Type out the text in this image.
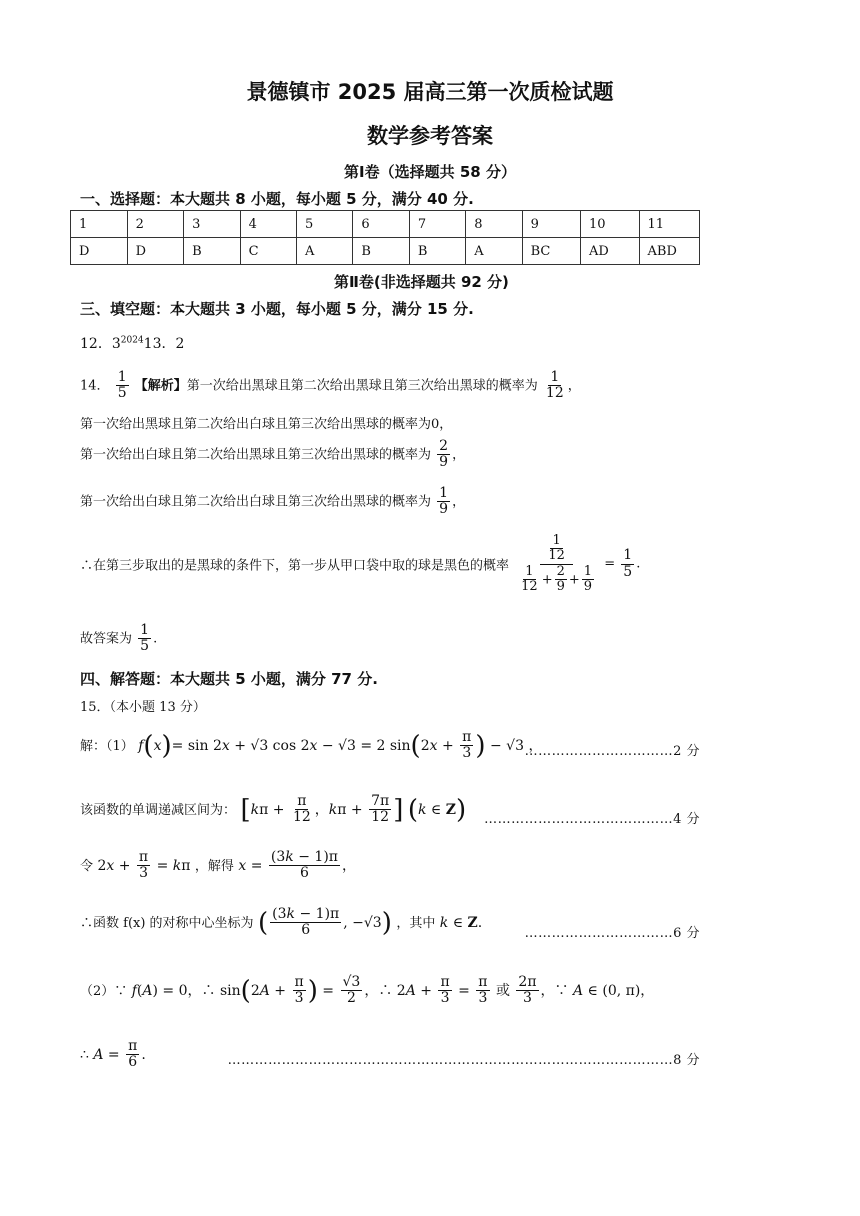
景德镇市 2025 届高三第一次质检试题
数学参考答案
第Ⅰ卷（选择题共 58 分）
一、选择题：本大题共 8 小题，每小题 5 分，满分 40 分.
1	2	3	4	5	6	7	8	9	10	11
D	D	B	C	A	B	B	A	BC	AD	ABD
第Ⅱ卷(非选择题共 92 分)
三、填空题：本大题共 3 小题，每小题 5 分，满分 15 分.
12．$3^{2024}13$．2
14． $\frac{1}{5}$ 【解析】第一次给出黑球且第二次给出黑球且第三次给出黑球的概率为 $\frac{1}{12}$ ，
第一次给出黑球且第二次给出白球且第三次给出黑球的概率为0，
第一次给出白球且第二次给出黑球且第三次给出黑球的概率为 $\frac{2}{9}$ ，
第一次给出白球且第二次给出白球且第三次给出黑球的概率为 $\frac{1}{9}$ ，
∴在第三步取出的是黑球的条件下，第一步从甲口袋中取的球是黑色的概率 $\frac{\frac{1}{12}}{\frac{1}{12} + \frac{2}{9} + \frac{1}{9}} = \frac{1}{5}$ .
故答案为 $\frac{1}{5}$ .
四、解答题：本大题共 5 小题，满分 77 分.
15．（本小题 13 分）
解：（1） f(x)= sin 2x + √3 cos 2x − √3 = 2 $\sin(2x + \frac{\pi}{3}$ ) − √3 ，
……………………………2 分
该函数的单调递减区间为： [$k\pi + \frac{\pi}{12}$ ，$k\pi + \frac{7\pi}{12}$ ] (k ∈ Z) ……………………………………4 分
令 $2x + \frac{\pi}{3} = k\pi$ ，解得 $x = \frac{(3k - 1)\pi}{6}$ ，
∴函数 f(x) 的对称中心坐标为 ( $\frac{(3k - 1)\pi}{6}$ , −√3) ，其中 k ∈ Z.
……………………………6 分
（2）∵ f(A) = 0，∴ $\sin(2A + \frac{\pi}{3}$ ) = $\frac{√3}{2}$ ，∴ $2A + \frac{\pi}{3} = \frac{\pi}{3}$ 或 $\frac{2\pi}{3}$ ，∵ A ∈ (0, π)，
∴ $A = \frac{\pi}{6}$ .	………………………………………………………………………………………8 分
